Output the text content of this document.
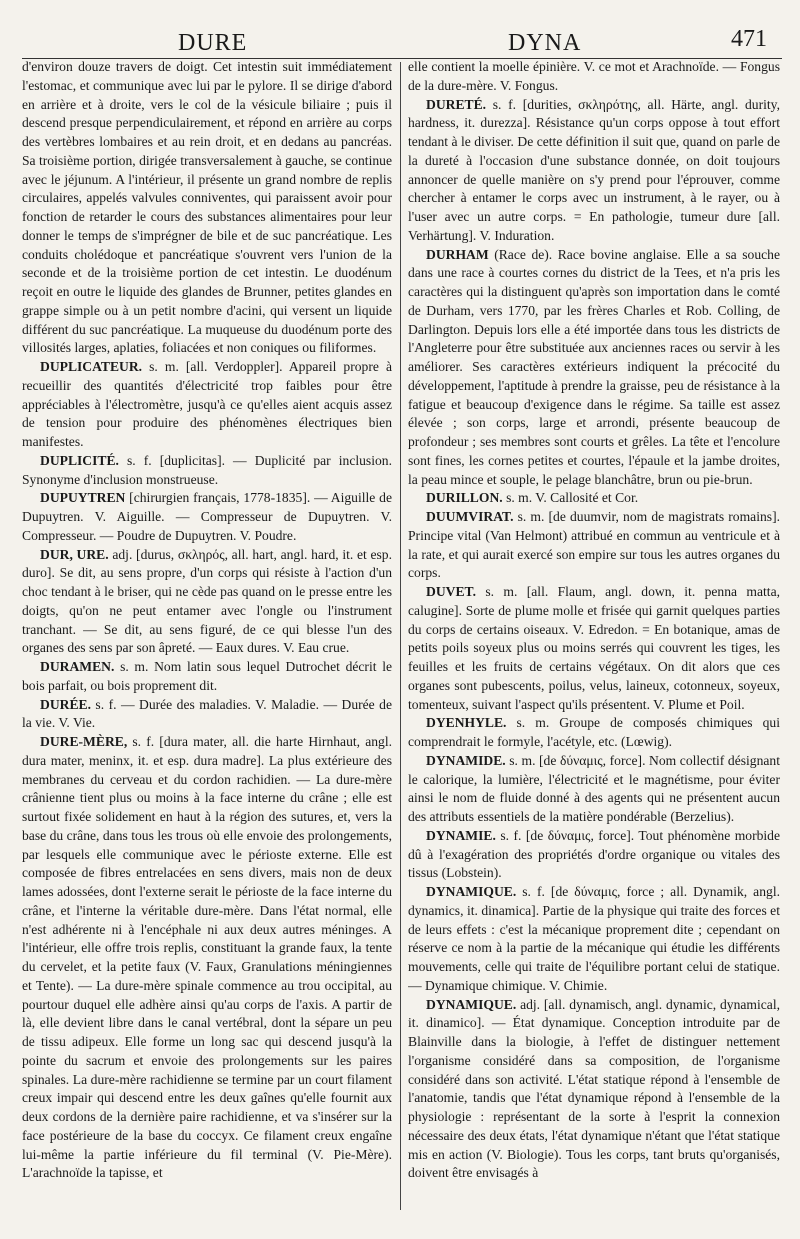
DURE	DYNA	471

d'environ douze travers de doigt. Cet intestin suit immédiatement l'estomac, et communique avec lui par le pylore. Il se dirige d'abord en arrière et à droite, vers le col de la vésicule biliaire ; puis il descend presque perpendiculairement, et répond en arrière au corps des vertèbres lombaires et au rein droit, et en dedans au pancréas. Sa troisième portion, dirigée transversalement à gauche, se continue avec le jéjunum. A l'intérieur, il présente un grand nombre de replis circulaires, appelés valvules conniventes, qui paraissent avoir pour fonction de retarder le cours des substances alimentaires pour leur donner le temps de s'imprégner de bile et de suc pancréatique. Les conduits cholédoque et pancréatique s'ouvrent vers l'union de la seconde et de la troisième portion de cet intestin. Le duodénum reçoit en outre le liquide des glandes de Brunner, petites glandes en grappe simple ou à un petit nombre d'acini, qui versent un liquide différent du suc pancréatique. La muqueuse du duodénum porte des villosités larges, aplaties, foliacées et non coniques ou filiformes.

DUPLICATEUR. s. m. [all. Verdoppler]. Appareil propre à recueillir des quantités d'électricité trop faibles pour être appréciables à l'électromètre, jusqu'à ce qu'elles aient acquis assez de tension pour produire des phénomènes électriques bien manifestes.

DUPLICITÉ. s. f. [duplicitas]. — Duplicité par inclusion. Synonyme d'inclusion monstrueuse.

DUPUYTREN [chirurgien français, 1778-1835]. — Aiguille de Dupuytren. V. Aiguille. — Compresseur de Dupuytren. V. Compresseur. — Poudre de Dupuytren. V. Poudre.

DUR, URE. adj. [durus, σκληρός, all. hart, angl. hard, it. et esp. duro]. Se dit, au sens propre, d'un corps qui résiste à l'action d'un choc tendant à le briser, qui ne cède pas quand on le presse entre les doigts, qu'on ne peut entamer avec l'ongle ou l'instrument tranchant. — Se dit, au sens figuré, de ce qui blesse l'un des organes des sens par son âpreté. — Eaux dures. V. Eau crue.

DURAMEN. s. m. Nom latin sous lequel Dutrochet décrit le bois parfait, ou bois proprement dit.

DURÉE. s. f. — Durée des maladies. V. Maladie. — Durée de la vie. V. Vie.

DURE-MÈRE, s. f. [dura mater, all. die harte Hirnhaut, angl. dura mater, meninx, it. et esp. dura madre]. La plus extérieure des membranes du cerveau et du cordon rachidien. — La dure-mère crânienne tient plus ou moins à la face interne du crâne ; elle est surtout fixée solidement en haut à la région des sutures, et, vers la base du crâne, dans tous les trous où elle envoie des prolongements, par lesquels elle communique avec le périoste externe. Elle est composée de fibres entrelacées en sens divers, mais non de deux lames adossées, dont l'externe serait le périoste de la face interne du crâne, et l'interne la véritable dure-mère. Dans l'état normal, elle n'est adhérente ni à l'encéphale ni aux deux autres méninges. A l'intérieur, elle offre trois replis, constituant la grande faux, la tente du cervelet, et la petite faux (V. Faux, Granulations méningiennes et Tente). — La dure-mère spinale commence au trou occipital, au pourtour duquel elle adhère ainsi qu'au corps de l'axis. A partir de là, elle devient libre dans le canal vertébral, dont la sépare un peu de tissu adipeux. Elle forme un long sac qui descend jusqu'à la pointe du sacrum et envoie des prolongements sur les paires spinales. La dure-mère rachidienne se termine par un court filament creux impair qui descend entre les deux gaînes qu'elle fournit aux deux cordons de la dernière paire rachidienne, et va s'insérer sur la face postérieure de la base du coccyx. Ce filament creux engaîne lui-même la partie inférieure du fil terminal (V. Pie-Mère). L'arachnoïde la tapisse, et

elle contient la moelle épinière. V. ce mot et Arachnoïde. — Fongus de la dure-mère. V. Fongus.

DURETÉ. s. f. [durities, σκληρότης, all. Härte, angl. durity, hardness, it. durezza]. Résistance qu'un corps oppose à tout effort tendant à le diviser. De cette définition il suit que, quand on parle de la dureté à l'occasion d'une substance donnée, on doit toujours annoncer de quelle manière on s'y prend pour l'éprouver, comme chercher à entamer le corps avec un instrument, à le rayer, ou à l'user avec un autre corps. = En pathologie, tumeur dure [all. Verhärtung]. V. Induration.

DURHAM (Race de). Race bovine anglaise. Elle a sa souche dans une race à courtes cornes du district de la Tees, et n'a pris les caractères qui la distinguent qu'après son importation dans le comté de Durham, vers 1770, par les frères Charles et Rob. Colling, de Darlington. Depuis lors elle a été importée dans tous les districts de l'Angleterre pour être substituée aux anciennes races ou servir à les améliorer. Ses caractères extérieurs indiquent la précocité du développement, l'aptitude à prendre la graisse, peu de résistance à la fatigue et beaucoup d'exigence dans le régime. Sa taille est assez élevée ; son corps, large et arrondi, présente beaucoup de profondeur ; ses membres sont courts et grêles. La tête et l'encolure sont fines, les cornes petites et courtes, l'épaule et la jambe droites, la peau mince et souple, le pelage blanchâtre, brun ou pie-brun.

DURILLON. s. m. V. Callosité et Cor.

DUUMVIRAT. s. m. [de duumvir, nom de magistrats romains]. Principe vital (Van Helmont) attribué en commun au ventricule et à la rate, et qui aurait exercé son empire sur tous les autres organes du corps.

DUVET. s. m. [all. Flaum, angl. down, it. penna matta, calugine]. Sorte de plume molle et frisée qui garnit quelques parties du corps de certains oiseaux. V. Edredon. = En botanique, amas de petits poils soyeux plus ou moins serrés qui couvrent les tiges, les feuilles et les fruits de certains végétaux. On dit alors que ces organes sont pubescents, poilus, velus, laineux, cotonneux, soyeux, tomenteux, suivant l'aspect qu'ils présentent. V. Plume et Poil.

DYENHYLE. s. m. Groupe de composés chimiques qui comprendrait le formyle, l'acétyle, etc. (Lœwig).

DYNAMIDE. s. m. [de δύναμις, force]. Nom collectif désignant le calorique, la lumière, l'électricité et le magnétisme, pour éviter ainsi le nom de fluide donné à des agents qui ne présentent aucun des attributs essentiels de la matière pondérable (Berzelius).

DYNAMIE. s. f. [de δύναμις, force]. Tout phénomène morbide dû à l'exagération des propriétés d'ordre organique ou vitales des tissus (Lobstein).

DYNAMIQUE. s. f. [de δύναμις, force ; all. Dynamik, angl. dynamics, it. dinamica]. Partie de la physique qui traite des forces et de leurs effets : c'est la mécanique proprement dite ; cependant on réserve ce nom à la partie de la mécanique qui étudie les différents mouvements, celle qui traite de l'équilibre portant celui de statique. — Dynamique chimique. V. Chimie.

DYNAMIQUE. adj. [all. dynamisch, angl. dynamic, dynamical, it. dinamico]. — État dynamique. Conception introduite par de Blainville dans la biologie, à l'effet de distinguer nettement l'organisme considéré dans sa composition, de l'organisme considéré dans son activité. L'état statique répond à l'ensemble de l'anatomie, tandis que l'état dynamique répond à l'ensemble de la physiologie : représentant de la sorte à l'esprit la connexion nécessaire des deux états, l'état dynamique n'étant que l'état statique mis en action (V. Biologie). Tous les corps, tant bruts qu'organisés, doivent être envisagés à
